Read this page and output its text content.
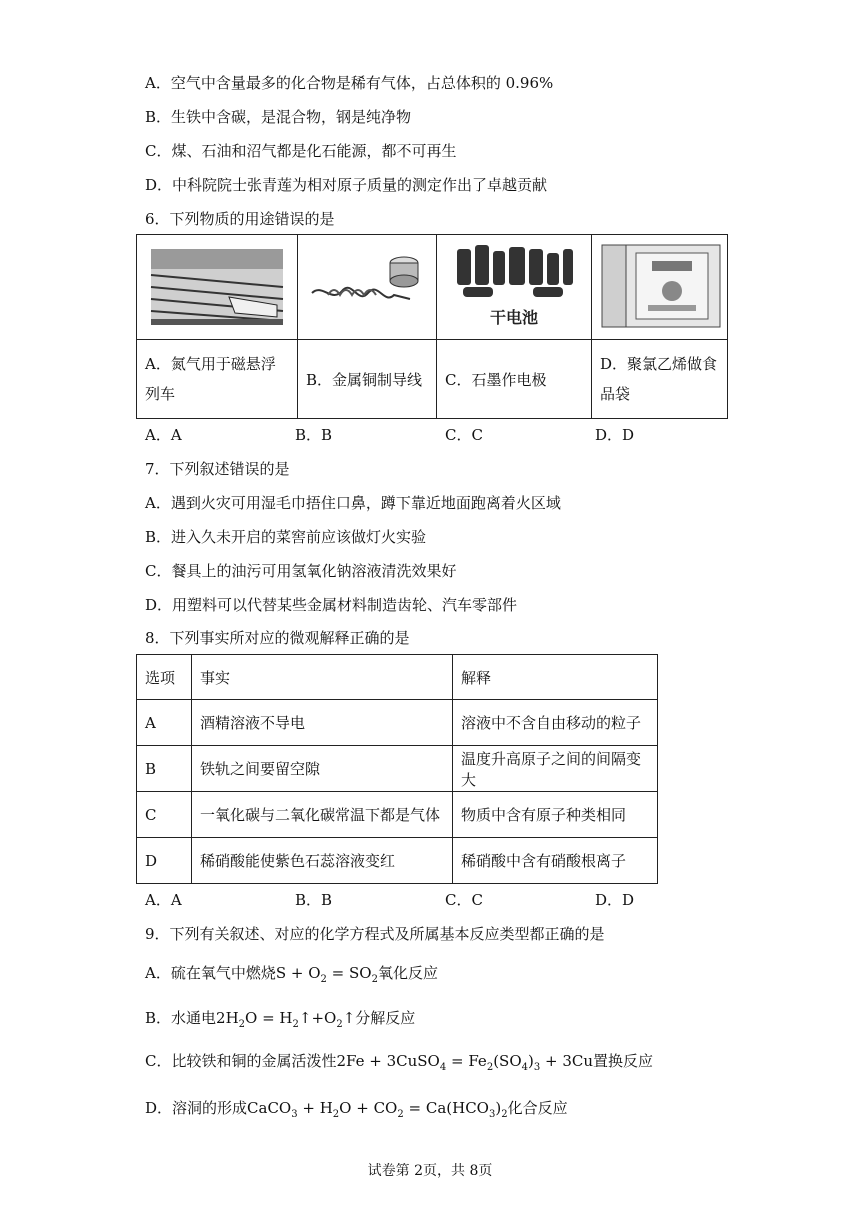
A．空气中含量最多的化合物是稀有气体，占总体积的 0.96%
B．生铁中含碳，是混合物，钢是纯净物
C．煤、石油和沼气都是化石能源，都不可再生
D．中科院院士张青莲为相对原子质量的测定作出了卓越贡献
6．下列物质的用途错误的是

干电池

A．氮气用于磁悬浮列车	B．金属铜制导线	C．石墨作电极	D．聚氯乙烯做食品袋
A．A	B．B	C．C	D．D
7．下列叙述错误的是
A．遇到火灾可用湿毛巾捂住口鼻，蹲下靠近地面跑离着火区域
B．进入久未开启的菜窖前应该做灯火实验
C．餐具上的油污可用氢氧化钠溶液清洗效果好
D．用塑料可以代替某些金属材料制造齿轮、汽车零部件
8．下列事实所对应的微观解释正确的是
选项	事实	解释
A	酒精溶液不导电	溶液中不含自由移动的粒子
B	铁轨之间要留空隙	温度升高原子之间的间隔变大
C	一氧化碳与二氧化碳常温下都是气体	物质中含有原子种类相同
D	稀硝酸能使紫色石蕊溶液变红	稀硝酸中含有硝酸根离子
A．A	B．B	C．C	D．D
9．下列有关叙述、对应的化学方程式及所属基本反应类型都正确的是
A．硫在氧气中燃烧$S + O_2 = SO_2$氧化反应
B．水通电$2H_2O$ = $H_2↑+O_2↑$分解反应
C．比较铁和铜的金属活泼性2Fe + 3CuSO$_4$ = $Fe_2(SO_4)_3 + 3Cu$置换反应
D．溶洞的形成CaCO$_3$ + $H_2O + CO_2 = Ca(HCO_3)_2$化合反应
试卷第 2页，共 8页
